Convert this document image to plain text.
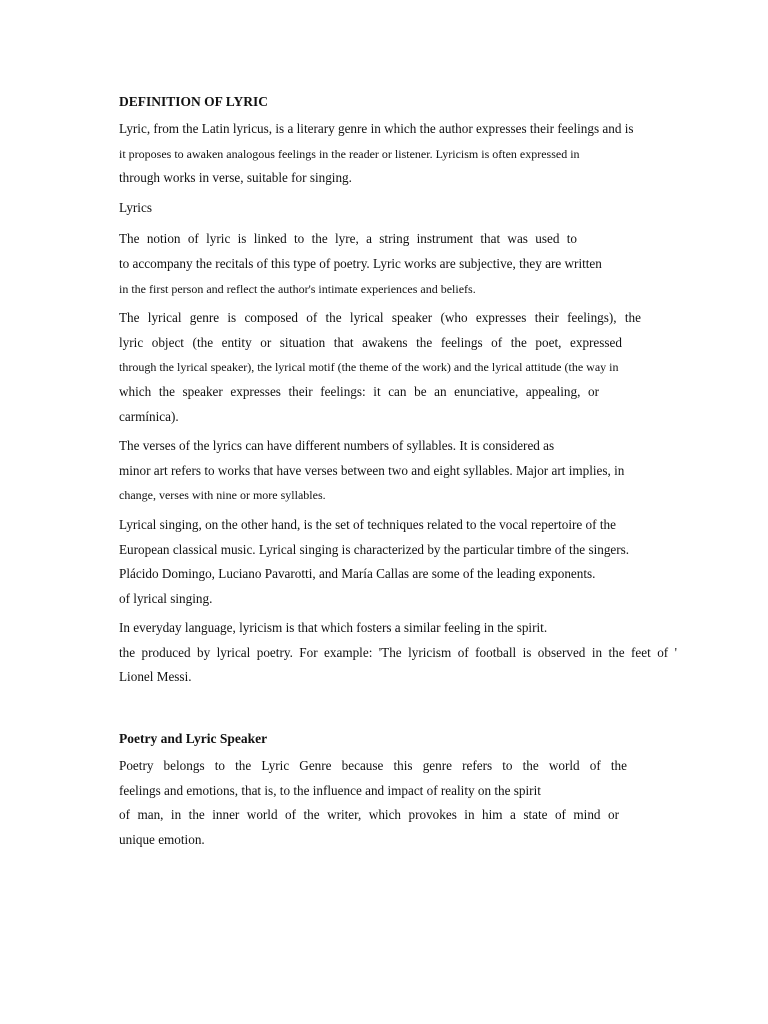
DEFINITION OF LYRIC
Lyric, from the Latin lyricus, is a literary genre in which the author expresses their feelings and is
it proposes to awaken analogous feelings in the reader or listener. Lyricism is often expressed in
through works in verse, suitable for singing.
Lyrics
The notion of lyric is linked to the lyre, a string instrument that was used to
to accompany the recitals of this type of poetry. Lyric works are subjective, they are written
in the first person and reflect the author's intimate experiences and beliefs.
The lyrical genre is composed of the lyrical speaker (who expresses their feelings), the
lyric object (the entity or situation that awakens the feelings of the poet, expressed
through the lyrical speaker), the lyrical motif (the theme of the work) and the lyrical attitude (the way in
which the speaker expresses their feelings: it can be an enunciative, appealing, or
carmínica).
The verses of the lyrics can have different numbers of syllables. It is considered as
minor art refers to works that have verses between two and eight syllables. Major art implies, in
change, verses with nine or more syllables.
Lyrical singing, on the other hand, is the set of techniques related to the vocal repertoire of the
European classical music. Lyrical singing is characterized by the particular timbre of the singers.
Plácido Domingo, Luciano Pavarotti, and María Callas are some of the leading exponents.
of lyrical singing.
In everyday language, lyricism is that which fosters a similar feeling in the spirit.
the produced by lyrical poetry. For example: 'The lyricism of football is observed in the feet of '
Lionel Messi.
Poetry and Lyric Speaker
Poetry belongs to the Lyric Genre because this genre refers to the world of the
feelings and emotions, that is, to the influence and impact of reality on the spirit
of man, in the inner world of the writer, which provokes in him a state of mind or
unique emotion.
